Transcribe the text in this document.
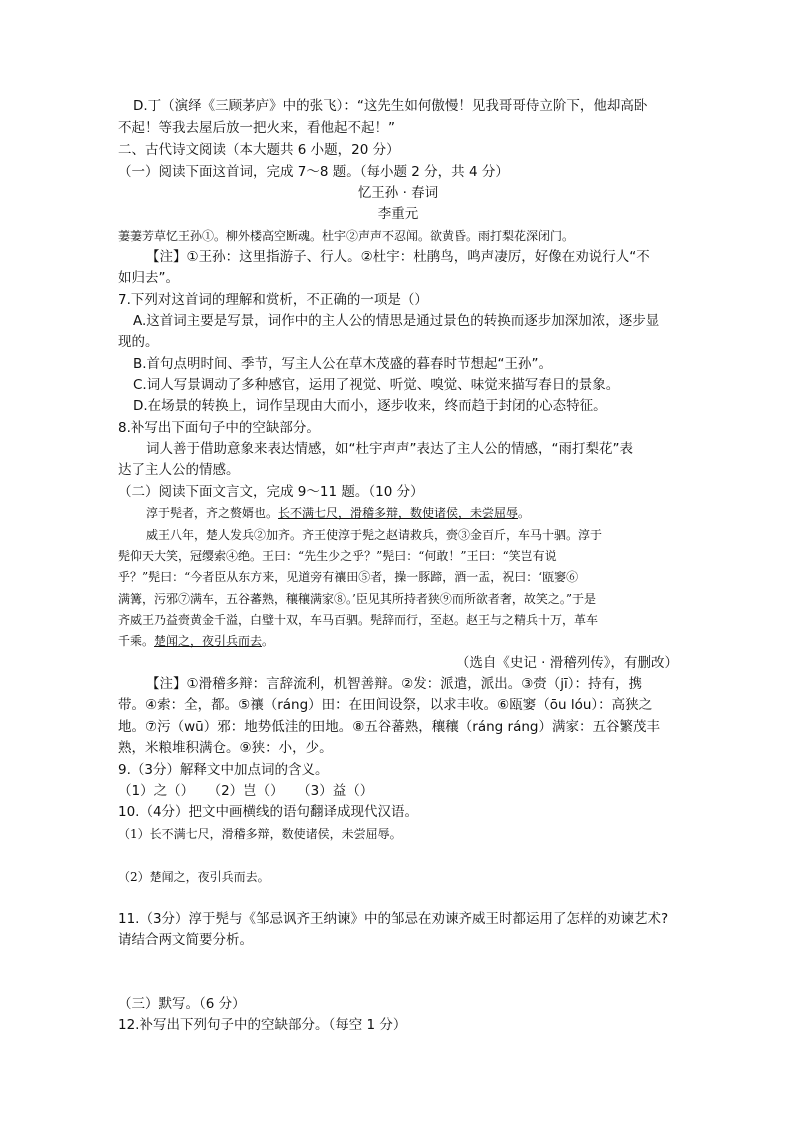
D.丁（演绎《三顾茅庐》中的张飞）：“这先生如何傲慢！见我哥哥侍立阶下，他却高卧
不起！等我去屋后放一把火来，看他起不起！”
二、古代诗文阅读（本大题共 6 小题，20 分）
（一）阅读下面这首词，完成 7～8 题。（每小题 2 分，共 4 分）
忆王孙 · 春词
李重元
萋萋芳草忆王孙①。柳外楼高空断魂。杜宇②声声不忍闻。欲黄昏。雨打梨花深闭门。
【注】①王孙：这里指游子、行人。②杜宇：杜鹃鸟，鸣声凄厉，好像在劝说行人“不
如归去”。
7.下列对这首词的理解和赏析，不正确的一项是（）
A.这首词主要是写景，词作中的主人公的情思是通过景色的转换而逐步加深加浓，逐步显
现的。
B.首句点明时间、季节，写主人公在草木茂盛的暮春时节想起“王孙”。
C.词人写景调动了多种感官，运用了视觉、听觉、嗅觉、味觉来描写春日的景象。
D.在场景的转换上，词作呈现由大而小，逐步收来，终而趋于封闭的心态特征。
8.补写出下面句子中的空缺部分。
词人善于借助意象来表达情感，如“杜宇声声”表达了主人公的情感，“雨打梨花”表
达了主人公的情感。
（二）阅读下面文言文，完成 9～11 题。（10 分）
淳于髡者，齐之赘婿也。长不满七尺，滑稽多辩，数使诸侯，未尝屈辱。
威王八年，楚人发兵②加齐。齐王使淳于髡之赵请救兵，赍③金百斤，车马十驷。淳于
髡仰天大笑，冠缨索④绝。王曰：“先生少之乎？”髡曰：“何敢！”王曰：“笑岂有说
乎？”髡曰：“今者臣从东方来，见道旁有禳田⑤者，操一豚蹄，酒一盂，祝曰：‘瓯窭⑥
满篝，污邪⑦满车，五谷蕃熟，穰穰满家⑧。’臣见其所持者狭⑨而所欲者奢，故笑之。”于是
齐威王乃益赍黄金千溢，白璧十双，车马百驷。髡辞而行，至赵。赵王与之精兵十万，革车
千乘。楚闻之，夜引兵而去。
（选自《史记 · 滑稽列传》，有删改）
【注】①滑稽多辩：言辞流利，机智善辩。②发：派遣，派出。③赍（jī）：持有，携
带。④索：全，都。⑤禳（ráng）田：在田间设祭，以求丰收。⑥瓯窭（ōu lóu）：高狭之
地。⑦污（wū）邪：地势低洼的田地。⑧五谷蕃熟，穰穰（ráng ráng）满家：五谷繁茂丰
熟，米粮堆积满仓。⑨狭：小，少。
9.（3分）解释文中加点词的含义。
（1）之（）　　（2）岂（）　　（3）益（）
10.（4分）把文中画横线的语句翻译成现代汉语。
（1）长不满七尺，滑稽多辩，数使诸侯，未尝屈辱。
（2）楚闻之，夜引兵而去。
11.（3分）淳于髡与《邹忌讽齐王纳谏》中的邹忌在劝谏齐威王时都运用了怎样的劝谏艺术?
请结合两文简要分析。
（三）默写。（6 分）
12.补写出下列句子中的空缺部分。（每空 1 分）
